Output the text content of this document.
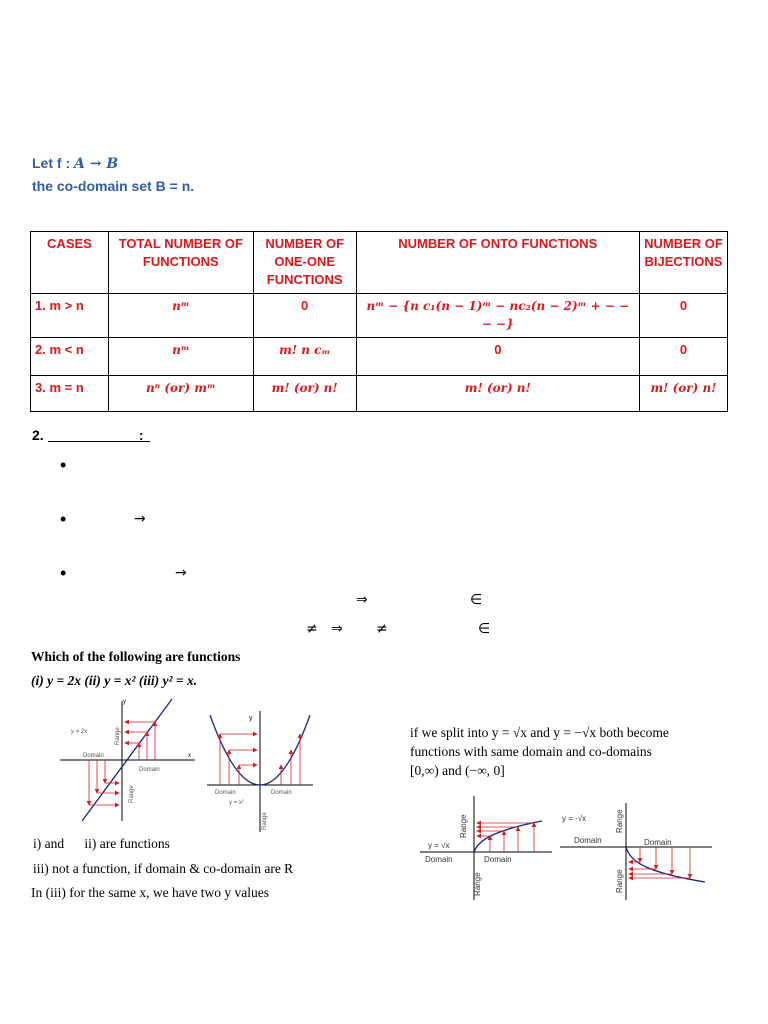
Let f : A → B
the co-domain set B = n.
CASES	TOTAL NUMBER OF FUNCTIONS	NUMBER OF ONE-ONE FUNCTIONS	NUMBER OF ONTO FUNCTIONS	NUMBER OF BIJECTIONS
1. m > n	nᵐ	0	nᵐ − {n c₁(n − 1)ᵐ − nc₂(n − 2)ᵐ + − − − −}	0
2. m < n	nᵐ	m! n cₘ	0	0
3. m = n	nⁿ (or) mᵐ	m! (or) n!	m! (or) n!	m! (or) n!
2.	:
•
•	→
•	→
⇒	∈
≠ ⇒ ≠	∈
Which of the following are functions
(i) y = 2x (ii) y = x² (iii) y² = x.
y
x
y = 2x
Domain
Domain
Range
Range
y
Domain	Domain
y = x²
Range
i) and      ii) are functions
iii) not a function, if domain & co-domain are R
In (iii) for the same x, we have two y values
if we split into y = √x and y = −√x both become
functions with same domain and co-domains
[0,∞) and (−∞, 0]
y = √x
Domain	Domain
Range
Range
y = -√x
Domain	Domain
Range
Range
